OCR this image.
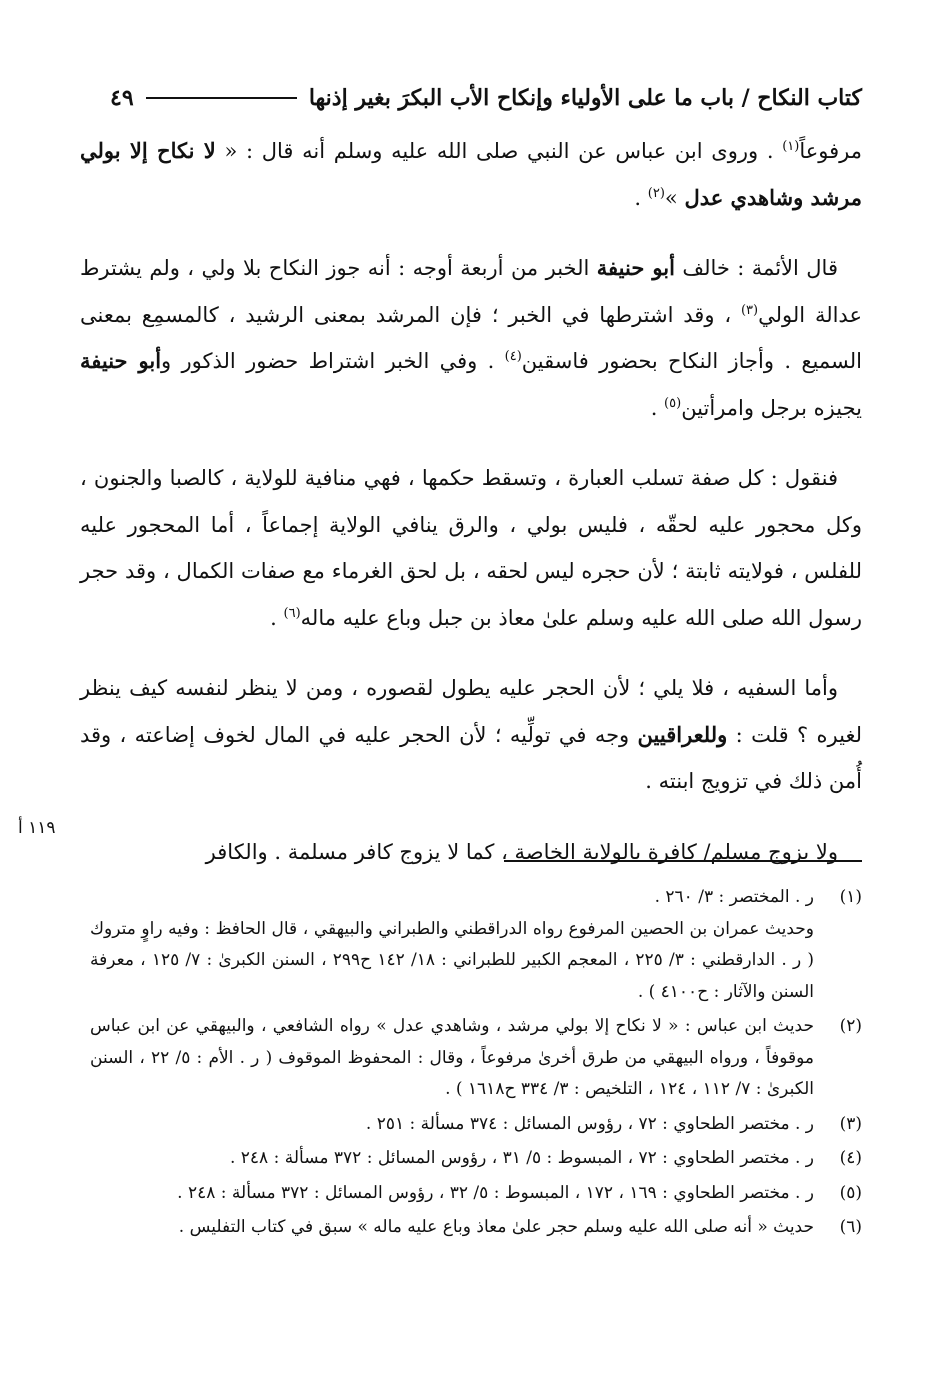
كتاب النكاح / باب ما على الأولياء وإنكاح الأب البكرَ بغير إذنها
٤٩

مرفوعاً$^{(١)}$ . وروى ابن عباس عن النبي صلى الله عليه وسلم أنه قال : « لا نكاح إلا بولي مرشد وشاهدي عدل »$^{(٢)}$ .

قال الأئمة : خالف أبو حنيفة الخبر من أربعة أوجه : أنه جوز النكاح بلا ولي ، ولم يشترط عدالة الولي$^{(٣)}$ ، وقد اشترطها في الخبر ؛ فإن المرشد بمعنى الرشيد ، كالمسمِع بمعنى السميع . وأجاز النكاح بحضور فاسقين$^{(٤)}$ . وفي الخبر اشتراط حضور الذكور وأبو حنيفة يجيزه برجل وامرأتين$^{(٥)}$ .

فنقول : كل صفة تسلب العبارة ، وتسقط حكمها ، فهي منافية للولاية ، كالصبا والجنون ، وكل محجور عليه لحقّه ، فليس بولي ، والرق ينافي الولاية إجماعاً ، أما المحجور عليه للفلس ، فولايته ثابتة ؛ لأن حجره ليس لحقه ، بل لحق الغرماء مع صفات الكمال ، وقد حجر رسول الله صلى الله عليه وسلم علىٰ معاذ بن جبل وباع عليه ماله$^{(٦)}$ .

وأما السفيه ، فلا يلي ؛ لأن الحجر عليه يطول لقصوره ، ومن لا ينظر لنفسه كيف ينظر لغيره ؟ قلت : وللعراقيين وجه في تولِّيه ؛ لأن الحجر عليه في المال لخوف إضاعته ، وقد أُمن ذلك في تزويج ابنته .

ولا يزوج مسلم/ كافرة بالولاية الخاصة ، كما لا يزوج كافر مسلمة . والكافر

١١٩ أ
(١)
ر . المختصر : ٣/ ٢٦٠ .
وحديث عمران بن الحصين المرفوع رواه الدراقطني والطبراني والبيهقي ، قال الحافظ : وفيه راوٍ متروك ( ر . الدارقطني : ٣/ ٢٢٥ ، المعجم الكبير للطبراني : ١٨/ ١٤٢ ح٢٩٩ ، السنن الكبرىٰ : ٧/ ١٢٥ ، معرفة السنن والآثار : ح٤١٠٠ ) .
(٢)
حديث ابن عباس : « لا نكاح إلا بولي مرشد ، وشاهدي عدل » رواه الشافعي ، والبيهقي عن ابن عباس موقوفاً ، ورواه البيهقي من طرق أخرىٰ مرفوعاً ، وقال : المحفوظ الموقوف ( ر . الأم : ٥/ ٢٢ ، السنن الكبرىٰ : ٧/ ١١٢ ، ١٢٤ ، التلخيص : ٣/ ٣٣٤ ح١٦١٨ ) .
(٣)
ر . مختصر الطحاوي : ٧٢ ، رؤوس المسائل : ٣٧٤ مسألة : ٢٥١ .
(٤)
ر . مختصر الطحاوي : ٧٢ ، المبسوط : ٥/ ٣١ ، رؤوس المسائل : ٣٧٢ مسألة : ٢٤٨ .
(٥)
ر . مختصر الطحاوي : ١٦٩ ، ١٧٢ ، المبسوط : ٥/ ٣٢ ، رؤوس المسائل : ٣٧٢ مسألة : ٢٤٨ .
(٦)
حديث « أنه صلى الله عليه وسلم حجر علىٰ معاذ وباع عليه ماله » سبق في كتاب التفليس .
